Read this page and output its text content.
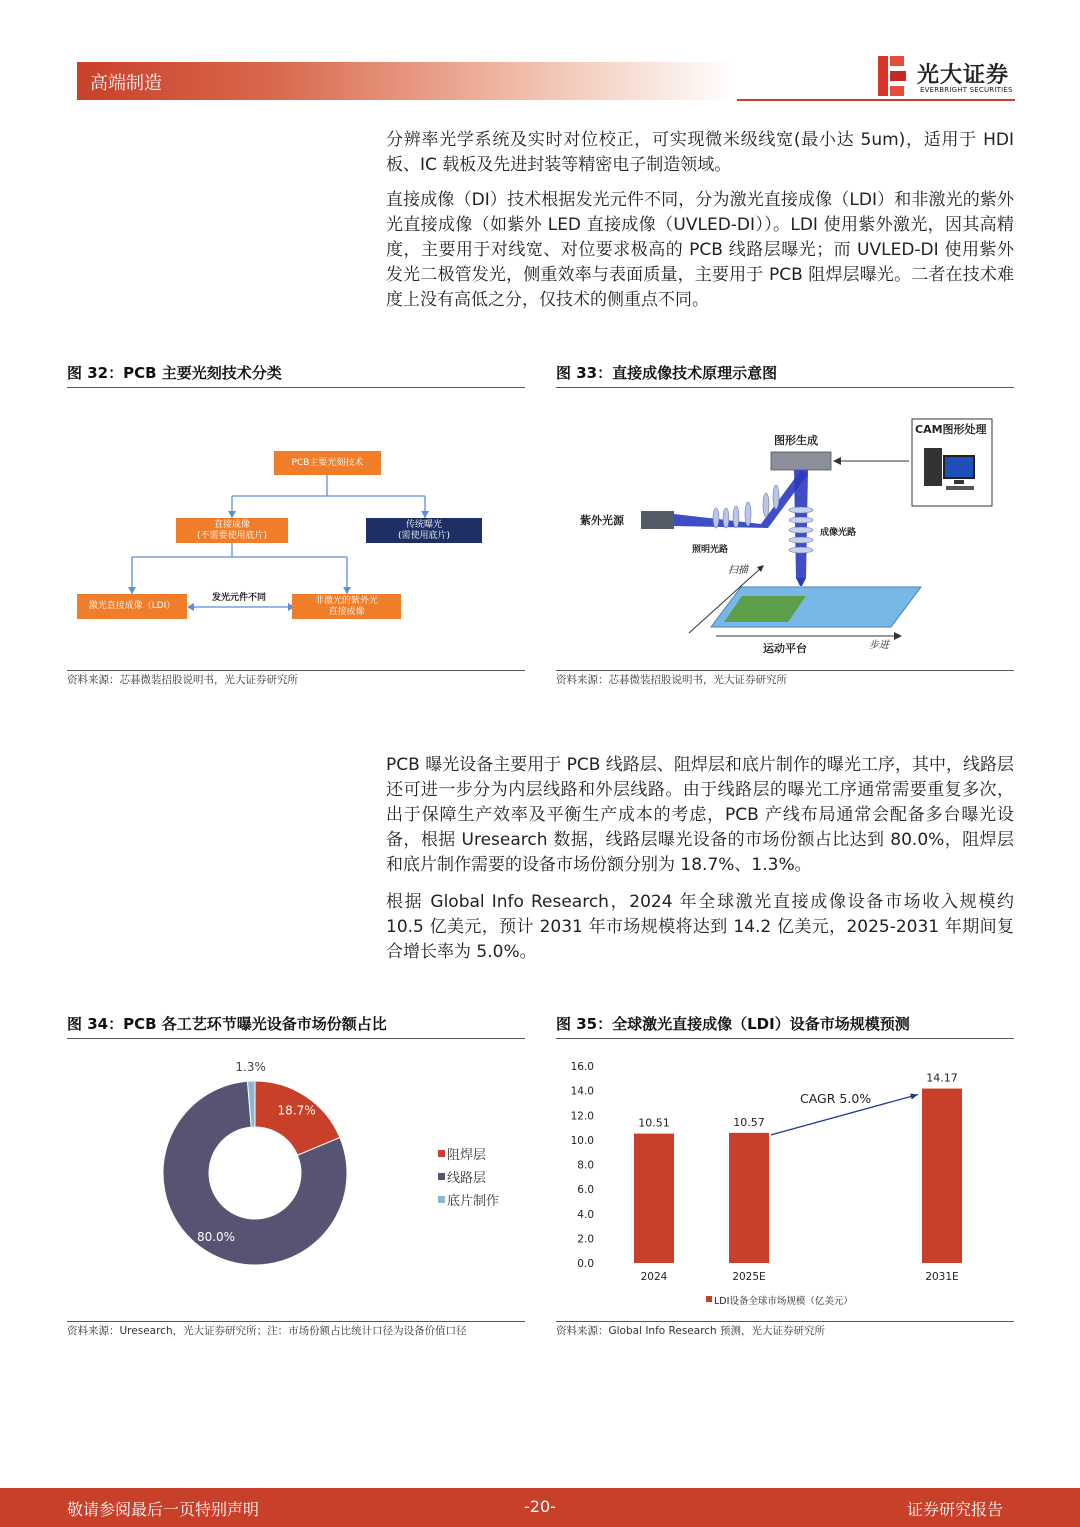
高端制造	光大证券
EVERBRIGHT SECURITIES

分辨率光学系统及实时对位校正，可实现微米级线宽(最小达 5um)，适用于 HDI 板、IC 载板及先进封装等精密电子制造领域。

直接成像（DI）技术根据发光元件不同，分为激光直接成像（LDI）和非激光的紫外光直接成像（如紫外 LED 直接成像（UVLED-DI））。LDI 使用紫外激光，因其高精度，主要用于对线宽、对位要求极高的 PCB 线路层曝光；而 UVLED-DI 使用紫外发光二极管发光，侧重效率与表面质量，主要用于 PCB 阻焊层曝光。二者在技术难度上没有高低之分，仅技术的侧重点不同。

图 32：PCB 主要光刻技术分类
PCB主要光刻技术
直接成像
(不需要使用底片)
传统曝光
(需使用底片)
激光直接成像（LDI）
非激光的紫外光
直接成像
发光元件不同
资料来源：芯碁微装招股说明书，光大证券研究所
图 33：直接成像技术原理示意图
图形生成
CAM图形处理
紫外光源
照明光路
成像光路
扫描
运动平台	步进
资料来源：芯碁微装招股说明书，光大证券研究所

PCB 曝光设备主要用于 PCB 线路层、阻焊层和底片制作的曝光工序，其中，线路层还可进一步分为内层线路和外层线路。由于线路层的曝光工序通常需要重复多次，出于保障生产效率及平衡生产成本的考虑，PCB 产线布局通常会配备多台曝光设备，根据 Uresearch 数据，线路层曝光设备的市场份额占比达到 80.0%，阻焊层和底片制作需要的设备市场份额分别为 18.7%、1.3%。

根据 Global Info Research，2024 年全球激光直接成像设备市场收入规模约 10.5 亿美元，预计 2031 年市场规模将达到 14.2 亿美元，2025-2031 年期间复合增长率为 5.0%。

图 34：PCB 各工艺环节曝光设备市场份额占比
18.7%
80.0%
1.3%
阻焊层
线路层
底片制作
资料来源：Uresearch，光大证券研究所；注：市场份额占比统计口径为设备价值口径
图 35：全球激光直接成像（LDI）设备市场规模预测
0.0
2.0
4.0
6.0
8.0
10.0
12.0
14.0
16.0
10.51	10.57
14.17
2024	2025E	2031E
CAGR 5.0%
LDI设备全球市场规模（亿美元）
资料来源：Global Info Research 预测，光大证券研究所
敬请参阅最后一页特别声明	-20-	证券研究报告
